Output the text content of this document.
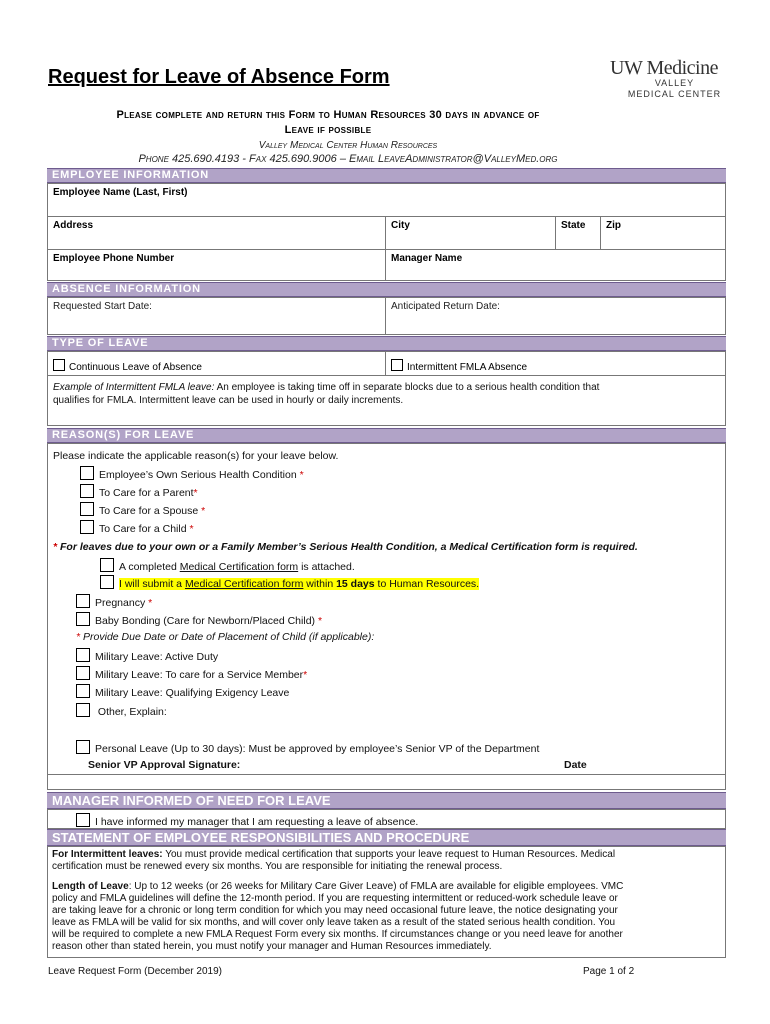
Request for Leave of Absence Form	UW Medicine
VALLEY
MEDICAL CENTER
Please complete and return this Form to Human Resources 30 days in advance of
Leave if possible
Valley Medical Center Human Resources
Phone 425.690.4193 - Fax 425.690.9006 – Email LeaveAdministrator@ValleyMed.org
EMPLOYEE INFORMATION
Employee Name (Last, First)
Address	City	State	Zip
Employee Phone Number	Manager Name
ABSENCE INFORMATION
Requested Start Date:	Anticipated Return Date:
TYPE OF LEAVE
Continuous Leave of Absence	Intermittent FMLA Absence
Example of Intermittent FMLA leave: An employee is taking time off in separate blocks due to a serious health condition that
qualifies for FMLA. Intermittent leave can be used in hourly or daily increments.
REASON(S) FOR LEAVE
Please indicate the applicable reason(s) for your leave below.
Employee’s Own Serious Health Condition *
To Care for a Parent*
To Care for a Spouse *
To Care for a Child *
* For leaves due to your own or a Family Member’s Serious Health Condition, a Medical Certification form is required.
A completed Medical Certification form is attached.
I will submit a Medical Certification form within 15 days to Human Resources.
Pregnancy *
Baby Bonding (Care for Newborn/Placed Child) *
* Provide Due Date or Date of Placement of Child (if applicable):
Military Leave: Active Duty
Military Leave: To care for a Service Member*
Military Leave: Qualifying Exigency Leave
Other, Explain:
Personal Leave (Up to 30 days): Must be approved by employee’s Senior VP of the Department
Senior VP Approval Signature:	Date
MANAGER INFORMED OF NEED FOR LEAVE
I have informed my manager that I am requesting a leave of absence.
STATEMENT OF EMPLOYEE RESPONSIBILITIES AND PROCEDURE
For Intermittent leaves: You must provide medical certification that supports your leave request to Human Resources. Medical
certification must be renewed every six months. You are responsible for initiating the renewal process.
Length of Leave: Up to 12 weeks (or 26 weeks for Military Care Giver Leave) of FMLA are available for eligible employees. VMC
policy and FMLA guidelines will define the 12-month period. If you are requesting intermittent or reduced-work schedule leave or
are taking leave for a chronic or long term condition for which you may need occasional future leave, the notice designating your
leave as FMLA will be valid for six months, and will cover only leave taken as a result of the stated serious health condition. You
will be required to complete a new FMLA Request Form every six months. If circumstances change or you need leave for another
reason other than stated herein, you must notify your manager and Human Resources immediately.
Leave Request Form (December 2019)	Page 1 of 2
